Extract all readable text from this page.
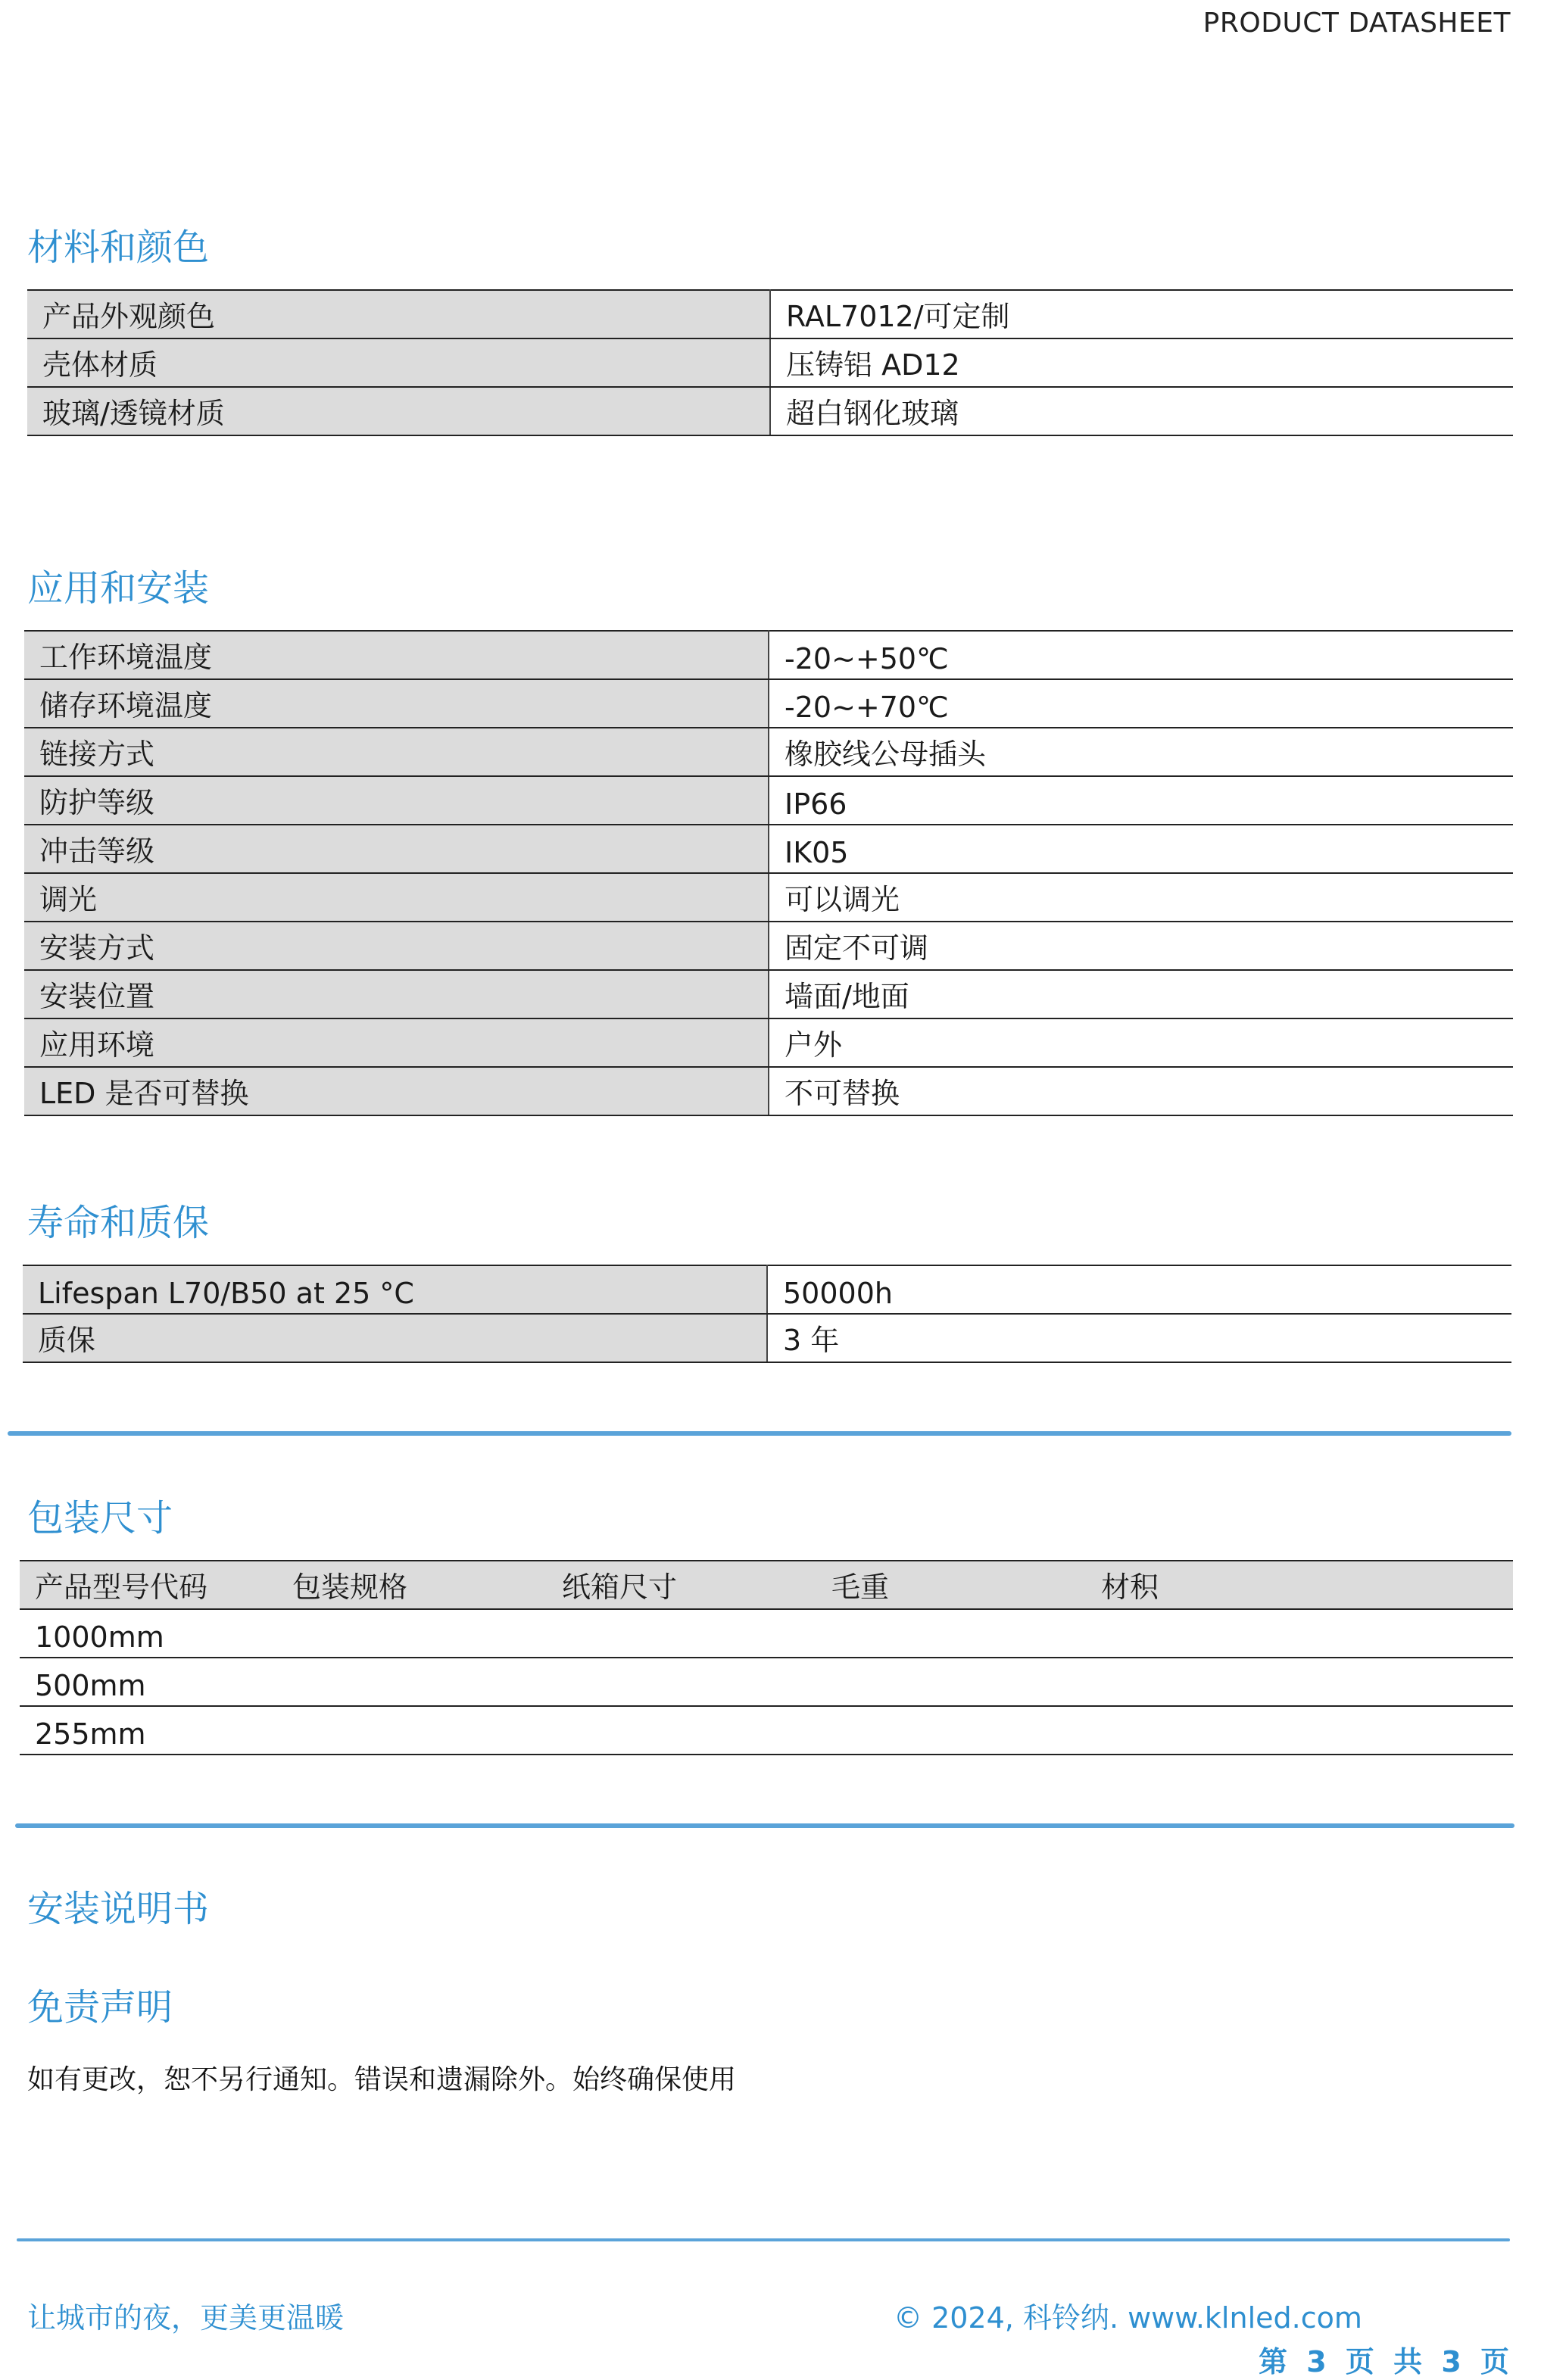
PRODUCT DATASHEET
材料和颜色
产品外观颜色	RAL7012/可定制
壳体材质	压铸铝 AD12
玻璃/透镜材质	超白钢化玻璃
应用和安装
工作环境温度	-20~+50℃
储存环境温度	-20~+70℃
链接方式	橡胶线公母插头
防护等级	IP66
冲击等级	IK05
调光	可以调光
安装方式	固定不可调
安装位置	墙面/地面
应用环境	户外
LED 是否可替换	不可替换
寿命和质保
Lifespan L70/B50 at 25 °C	50000h
质保	3 年
包装尺寸
产品型号代码	包装规格	纸箱尺寸	毛重	材积
1000mm				
500mm				
255mm				
安装说明书
免责声明
如有更改，恕不另行通知。错误和遗漏除外。始终确保使用
让城市的夜，更美更温暖	© 2024, 科铃纳. www.klnled.com
第 3 页 共 3 页
